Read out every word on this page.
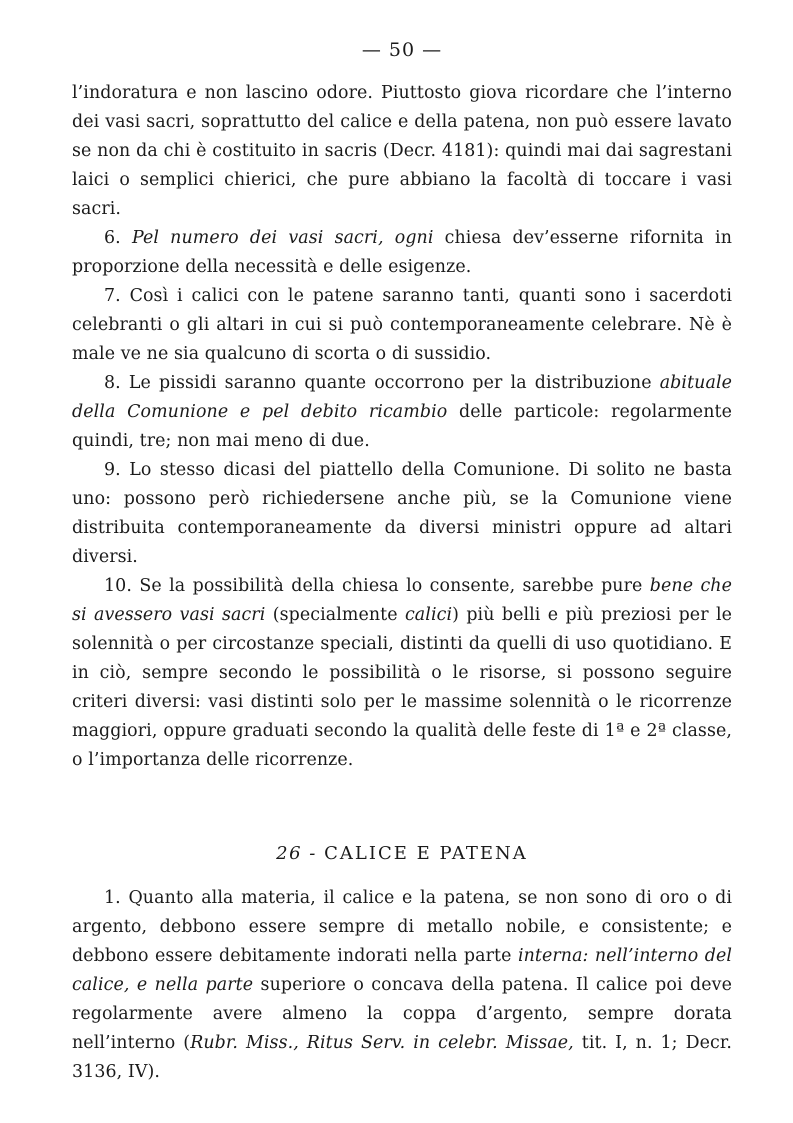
— 50 —

l’indoratura e non lascino odore. Piuttosto giova ricordare che l’interno dei vasi sacri, soprattutto del calice e della patena, non può essere lavato se non da chi è costituito in sacris (Decr. 4181): quindi mai dai sagrestani laici o semplici chierici, che pure abbiano la facoltà di toccare i vasi sacri.

6. Pel numero dei vasi sacri, ogni chiesa dev’esserne rifornita in proporzione della necessità e delle esigenze.

7. Così i calici con le patene saranno tanti, quanti sono i sacerdoti celebranti o gli altari in cui si può contemporaneamente celebrare. Nè è male ve ne sia qualcuno di scorta o di sussidio.

8. Le pissidi saranno quante occorrono per la distribuzione abituale della Comunione e pel debito ricambio delle particole: regolarmente quindi, tre; non mai meno di due.

9. Lo stesso dicasi del piattello della Comunione. Di solito ne basta uno: possono però richiedersene anche più, se la Comunione viene distribuita contemporaneamente da diversi ministri oppure ad altari diversi.

10. Se la possibilità della chiesa lo consente, sarebbe pure bene che si avessero vasi sacri (specialmente calici) più belli e più preziosi per le solennità o per circostanze speciali, distinti da quelli di uso quotidiano. E in ciò, sempre secondo le possibilità o le risorse, si possono seguire criteri diversi: vasi distinti solo per le massime solennità o le ricorrenze maggiori, oppure graduati secondo la qualità delle feste di 1ª e 2ª classe, o l’importanza delle ricorrenze.

26 - CALICE E PATENA

1. Quanto alla materia, il calice e la patena, se non sono di oro o di argento, debbono essere sempre di metallo nobile, e consistente; e debbono essere debitamente indorati nella parte interna: nell’interno del calice, e nella parte superiore o concava della patena. Il calice poi deve regolarmente avere almeno la coppa d’argento, sempre dorata nell’interno (Rubr. Miss., Ritus Serv. in celebr. Missae, tit. I, n. 1; Decr. 3136, IV).
